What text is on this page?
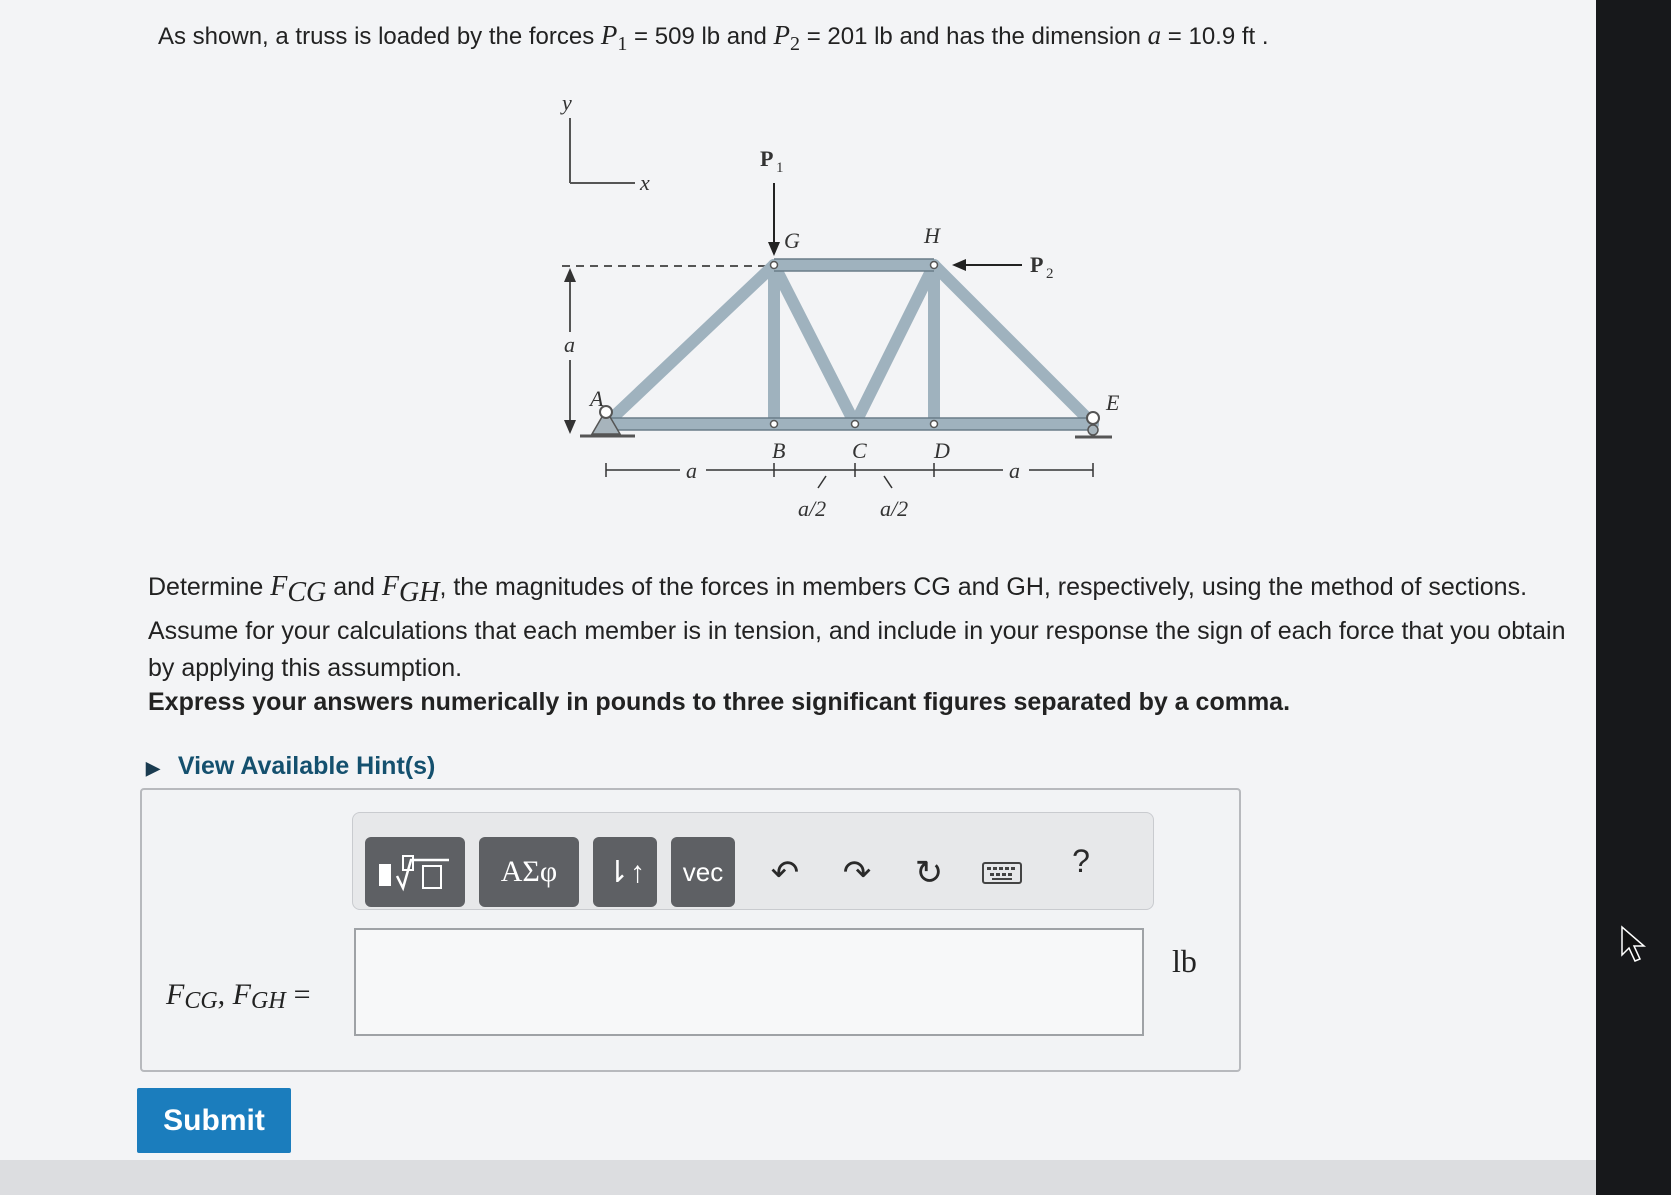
As shown, a truss is loaded by the forces $P_1 = 509$ lb and $P_2 = 201$ lb and has the dimension a = 10.9 ft .
y
x
a
P 1
P 2
G	H
A
B	C	D
E
a	a
a/2 a/2
Determine $F_{CG}$ and $F_{GH}$, the magnitudes of the forces in members CG and GH, respectively, using the method of sections. Assume for your calculations that each member is in tension, and include in your response the sign of each force that you obtain by applying this assumption.
Express your answers numerically in pounds to three significant figures separated by a comma.
▶ View Available Hint(s)
ΑΣφ	⇂↑	vec	↶ ↷ ↻	?
FCG, FGH =
lb
Submit
